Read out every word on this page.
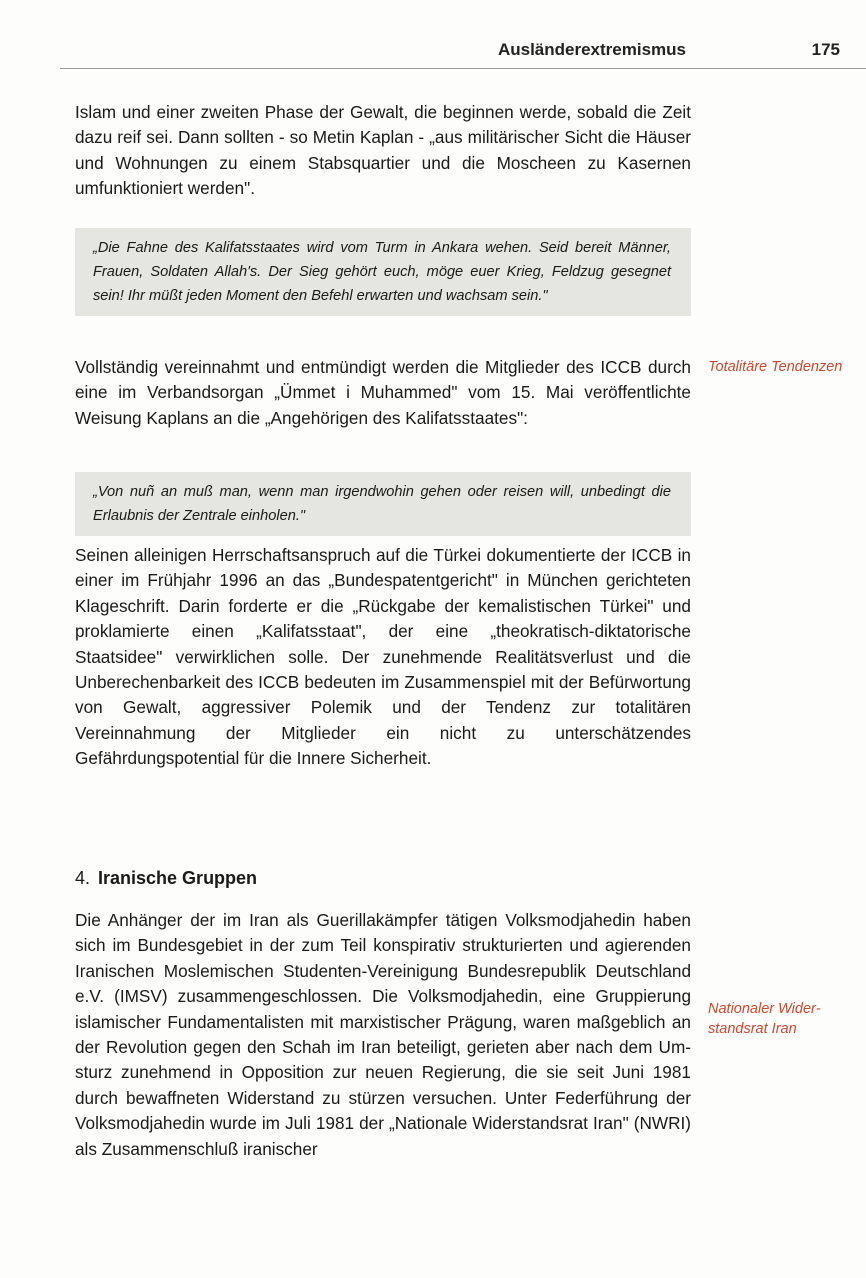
Ausländerextremismus	175

Islam und einer zweiten Phase der Gewalt, die beginnen werde, sobald die Zeit dazu reif sei. Dann sollten - so Metin Kaplan - „aus militärischer Sicht die Häuser und Wohnungen zu einem Stabsquartier und die Moscheen zu Kasernen umfunktioniert werden".

„Die Fahne des Kalifatsstaates wird vom Turm in Ankara wehen. Seid bereit Männer, Frauen, Soldaten Allah's. Der Sieg gehört euch, möge euer Krieg, Feldzug gesegnet sein! Ihr müßt jeden Moment den Befehl erwarten und wachsam sein."

Vollständig vereinnahmt und entmündigt werden die Mitglieder des ICCB durch eine im Verbandsorgan „Ümmet i Muhammed" vom 15. Mai veröffentlichte Weisung Kaplans an die „Angehörigen des Kalifatsstaates":

Totalitäre Tendenzen
„Von nuñ an muß man, wenn man irgendwohin gehen oder reisen will, unbedingt die Erlaubnis der Zentrale einholen."

Seinen alleinigen Herrschaftsanspruch auf die Türkei dokumentierte der ICCB in einer im Frühjahr 1996 an das „Bundespatentgericht" in München gerichteten Klageschrift. Darin forderte er die „Rückgabe der kemalistischen Türkei" und proklamierte einen „Kalifatsstaat", der eine „theokratisch-diktatorische Staatsidee" verwirklichen solle. Der zunehmende Realitätsverlust und die Unberechenbarkeit des ICCB bedeuten im Zusammenspiel mit der Befürwortung von Gewalt, aggressiver Polemik und der Tendenz zur totalitären Vereinnahmung der Mitglieder ein nicht zu unterschätzendes Gefährdungspotential für die Innere Sicherheit.

4. Iranische Gruppen

Die Anhänger der im Iran als Guerillakämpfer tätigen Volksmodjahedin haben sich im Bundesgebiet in der zum Teil konspirativ strukturierten und agierenden Iranischen Moslemischen Studenten-Vereinigung Bundesrepublik Deutschland e.V. (IMSV) zusammengeschlossen. Die Volksmodjahedin, eine Gruppierung islamischer Fundamentalisten mit marxistischer Prägung, waren maßgeblich an der Revolution gegen den Schah im Iran beteiligt, gerieten aber nach dem Umsturz zunehmend in Opposition zur neuen Regierung, die sie seit Juni 1981 durch bewaffneten Widerstand zu stürzen versuchen. Unter Federführung der Volksmodjahedin wurde im Juli 1981 der „Nationale Widerstandsrat Iran" (NWRI) als Zusammenschluß iranischer

Nationaler Widerstandsrat Iran
